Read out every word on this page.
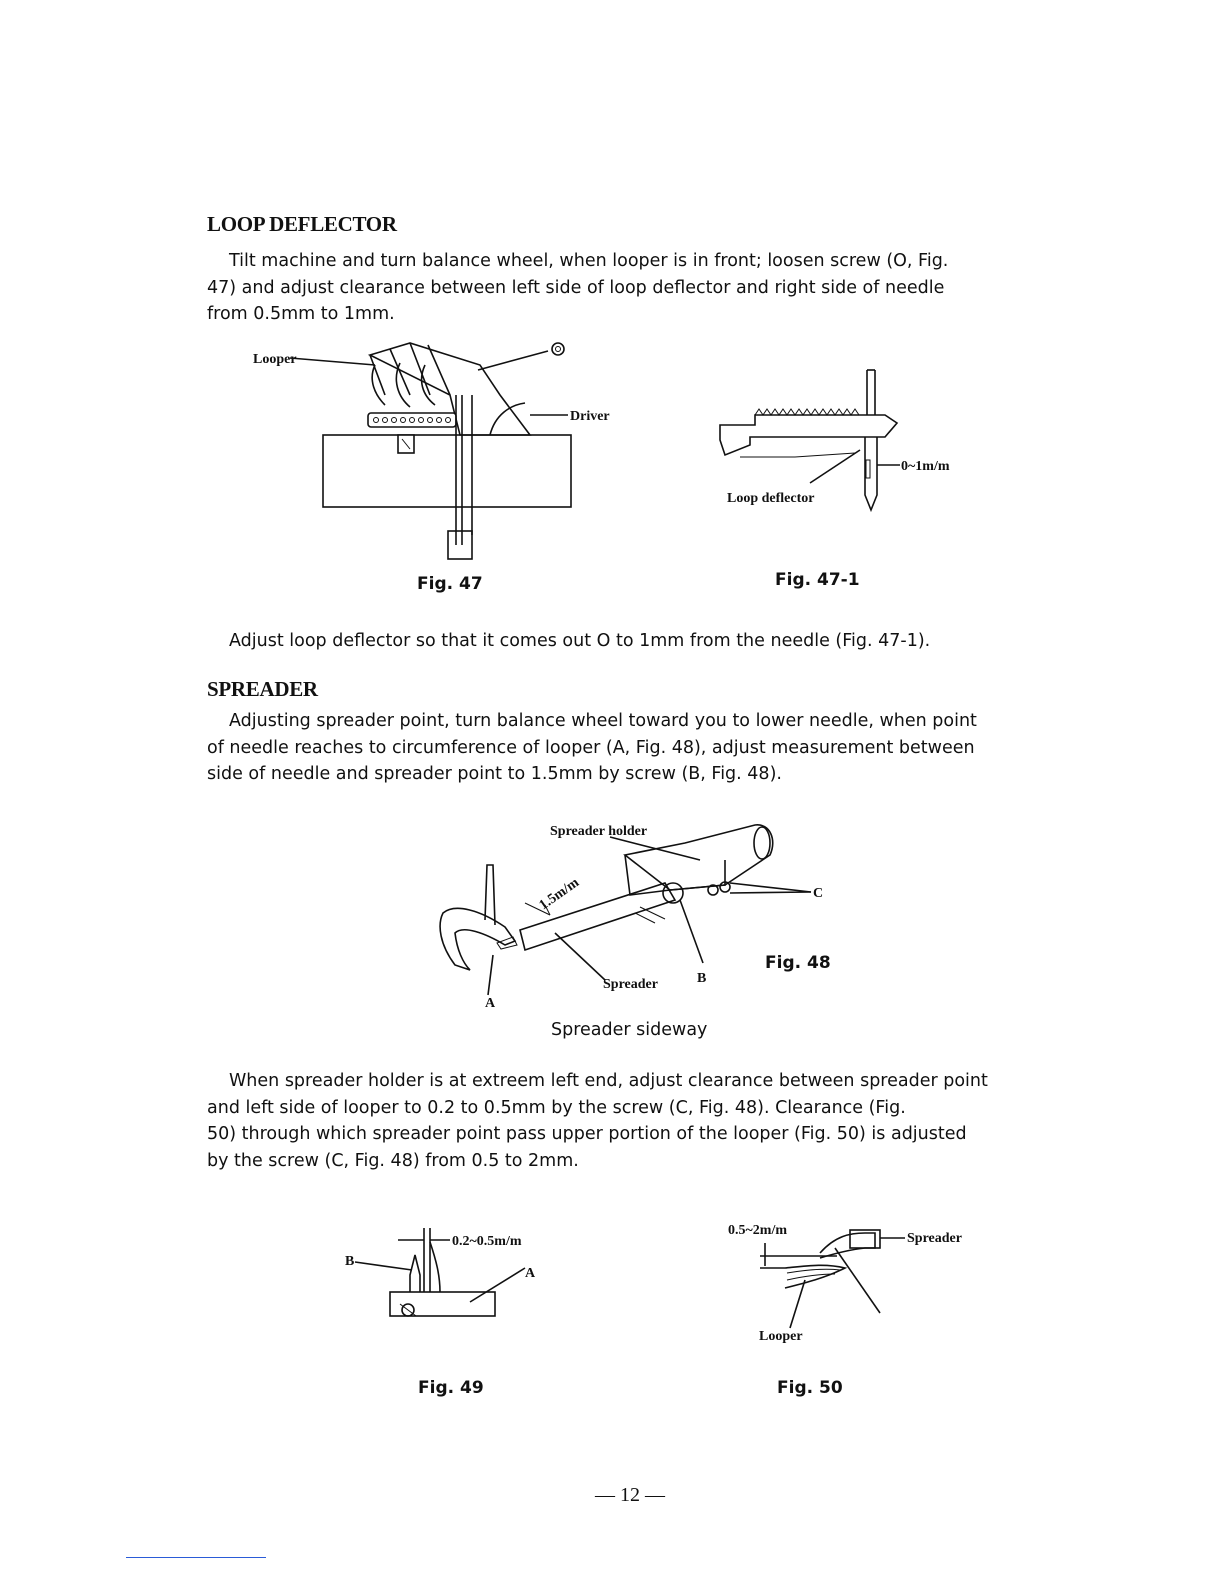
LOOP DEFLECTOR
Tilt machine and turn balance wheel, when looper is in front; loosen screw (O, Fig.
47) and adjust clearance between left side of loop deflector and right side of needle
from 0.5mm to 1mm.
Looper
Driver
Fig. 47
Loop deflector
0~1m/m
Fig. 47-1
Adjust loop deflector so that it comes out O to 1mm from the needle (Fig. 47-1).
SPREADER
Adjusting spreader point, turn balance wheel toward you to lower needle, when point
of needle reaches to circumference of looper (A, Fig. 48), adjust measurement between
side of needle and spreader point to 1.5mm by screw (B, Fig. 48).
Spreader holder
1.5m/m	C
Spreader	B
A
Fig. 48
Spreader sideway
When spreader holder is at extreem left end, adjust clearance between spreader point
and left side of looper to 0.2 to 0.5mm by the screw (C, Fig. 48). Clearance (Fig.
50) through which spreader point pass upper portion of the looper (Fig. 50) is adjusted
by the screw (C, Fig. 48) from 0.5 to 2mm.
0.2~0.5m/m
B
A
Fig. 49
0.5~2m/m
Spreader
Looper
Fig. 50
— 12 —
